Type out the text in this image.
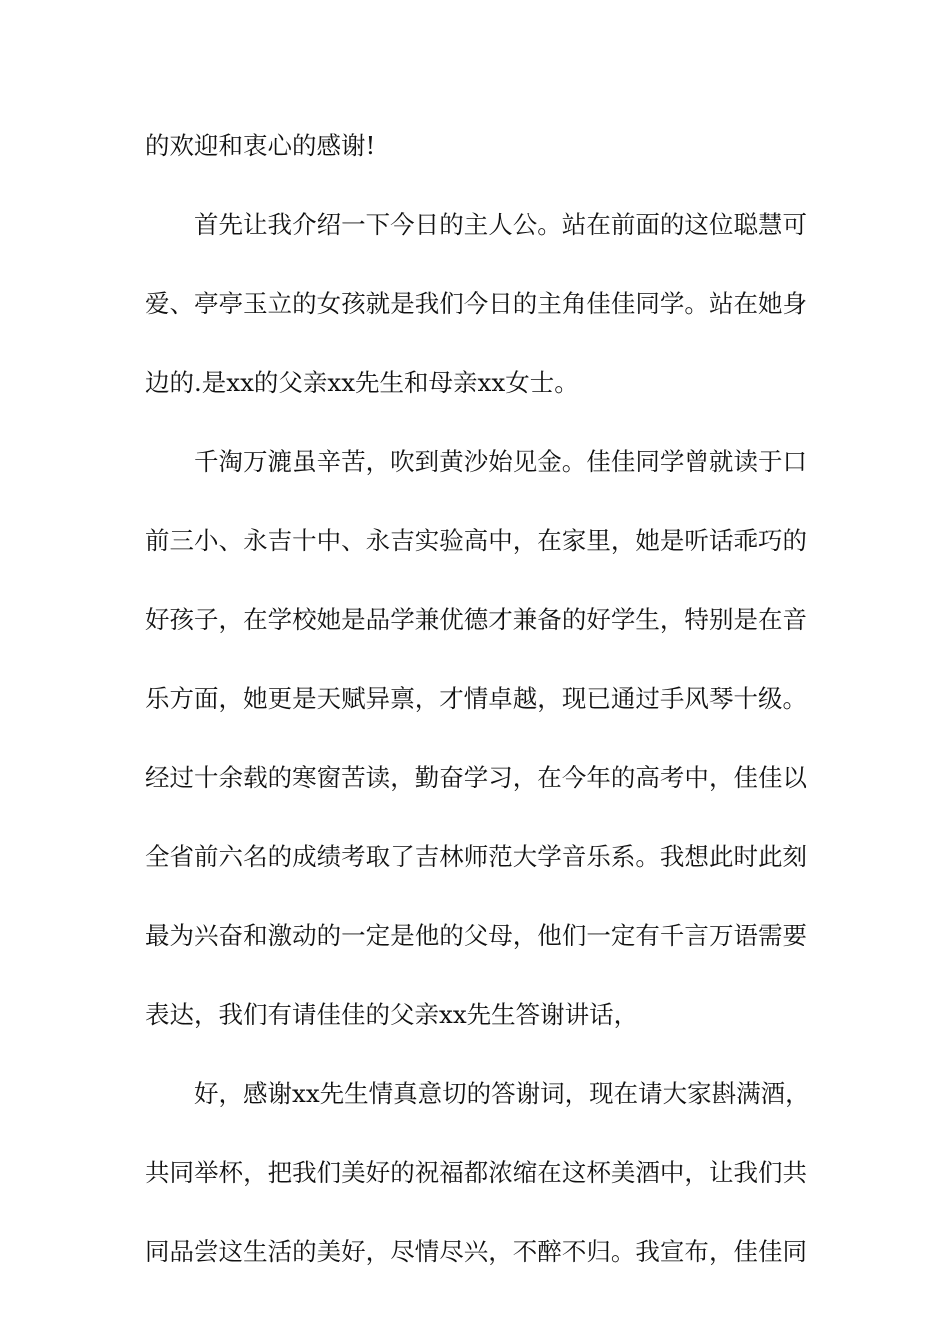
的欢迎和衷心的感谢!
首先让我介绍一下今日的主人公。站在前面的这位聪慧可
爱、亭亭玉立的女孩就是我们今日的主角佳佳同学。站在她身
边的.是xx的父亲xx先生和母亲xx女士。
千淘万漉虽辛苦，吹到黄沙始见金。佳佳同学曾就读于口
前三小、永吉十中、永吉实验高中，在家里，她是听话乖巧的
好孩子，在学校她是品学兼优德才兼备的好学生，特别是在音
乐方面，她更是天赋异禀，才情卓越，现已通过手风琴十级。
经过十余载的寒窗苦读，勤奋学习，在今年的高考中，佳佳以
全省前六名的成绩考取了吉林师范大学音乐系。我想此时此刻
最为兴奋和激动的一定是他的父母，他们一定有千言万语需要
表达，我们有请佳佳的父亲xx先生答谢讲话，
好，感谢xx先生情真意切的答谢词，现在请大家斟满酒，
共同举杯，把我们美好的祝福都浓缩在这杯美酒中，让我们共
同品尝这生活的美好，尽情尽兴，不醉不归。我宣布，佳佳同
